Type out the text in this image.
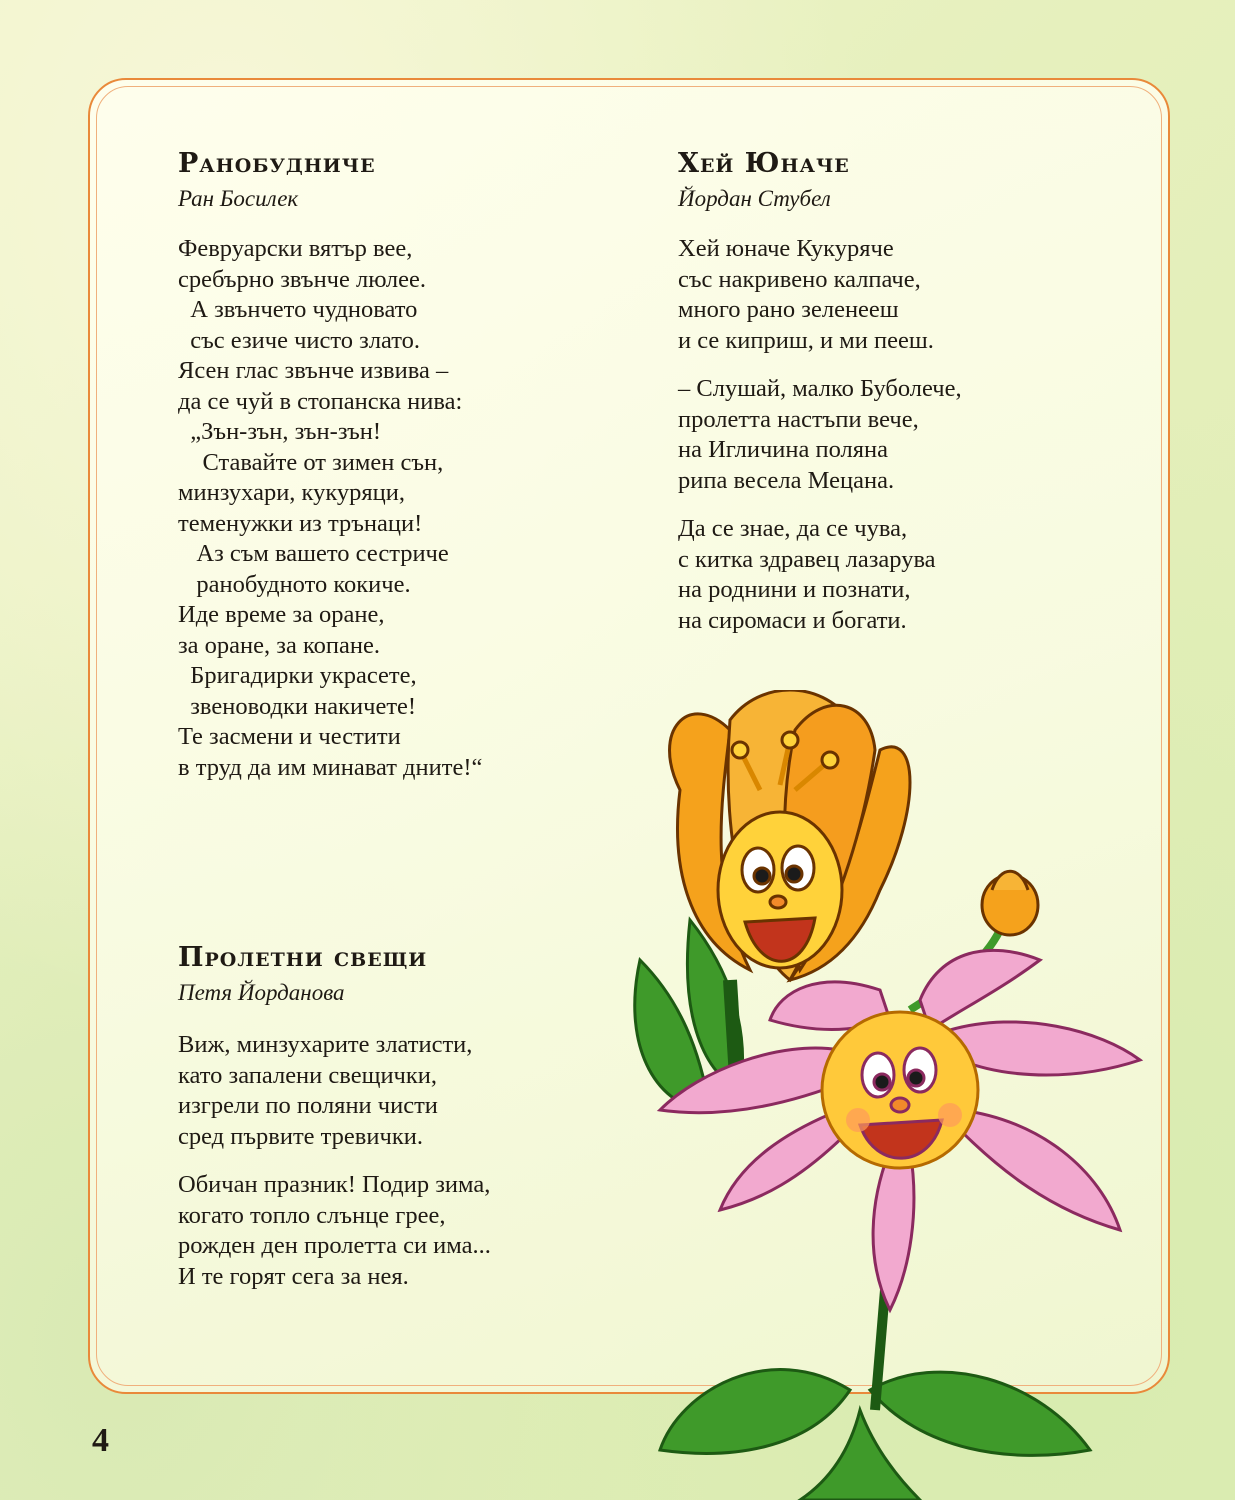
Ранобудниче
Ран Босилек
Февруарски вятър вее,
сребърно звънче люлее.
А звънчето чудновато
със езиче чисто злато.
Ясен глас звънче извива –
да се чуй в стопанска нива:
„Зън-зън, зън-зън!
Ставайте от зимен сън,
минзухари, кукуряци,
теменужки из трънаци!
Аз съм вашето сестриче
ранобудното кокиче.
Иде време за оране,
за оране, за копане.
Бригадирки украсете,
звеноводки накичете!
Те засмени и честити
в труд да им минават дните!“
Пролетни свещи
Петя Йорданова
Виж, минзухарите златисти,
като запалени свещички,
изгрели по поляни чисти
сред първите тревички.
Обичан празник! Подир зима,
когато топло слънце грее,
рожден ден пролетта си има...
И те горят сега за нея.
Хей Юначе
Йордан Стубел
Хей юначе Кукуряче
със накривено калпаче,
много рано зеленееш
и се киприш, и ми пееш.
– Слушай, малко Буболече,
пролетта настъпи вече,
на Игличина поляна
рипа весела Мецана.
Да се знае, да се чува,
с китка здравец лазарува
на роднини и познати,
на сиромаси и богати.
4
